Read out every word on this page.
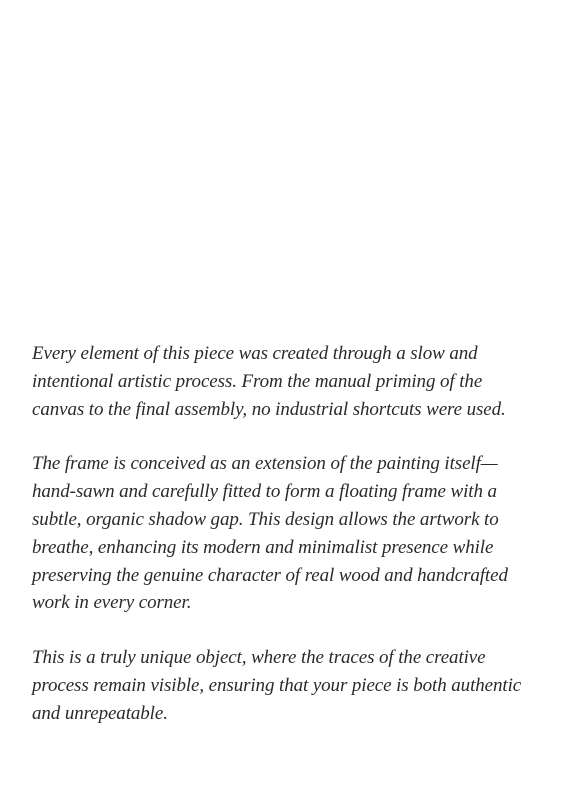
Every element of this piece was created through a slow and
intentional artistic process. From the manual priming of the
canvas to the final assembly, no industrial shortcuts were used.

The frame is conceived as an extension of the painting itself—
hand-sawn and carefully fitted to form a floating frame with a
subtle, organic shadow gap. This design allows the artwork to
breathe, enhancing its modern and minimalist presence while
preserving the genuine character of real wood and handcrafted
work in every corner.

This is a truly unique object, where the traces of the creative
process remain visible, ensuring that your piece is both authentic
and unrepeatable.
